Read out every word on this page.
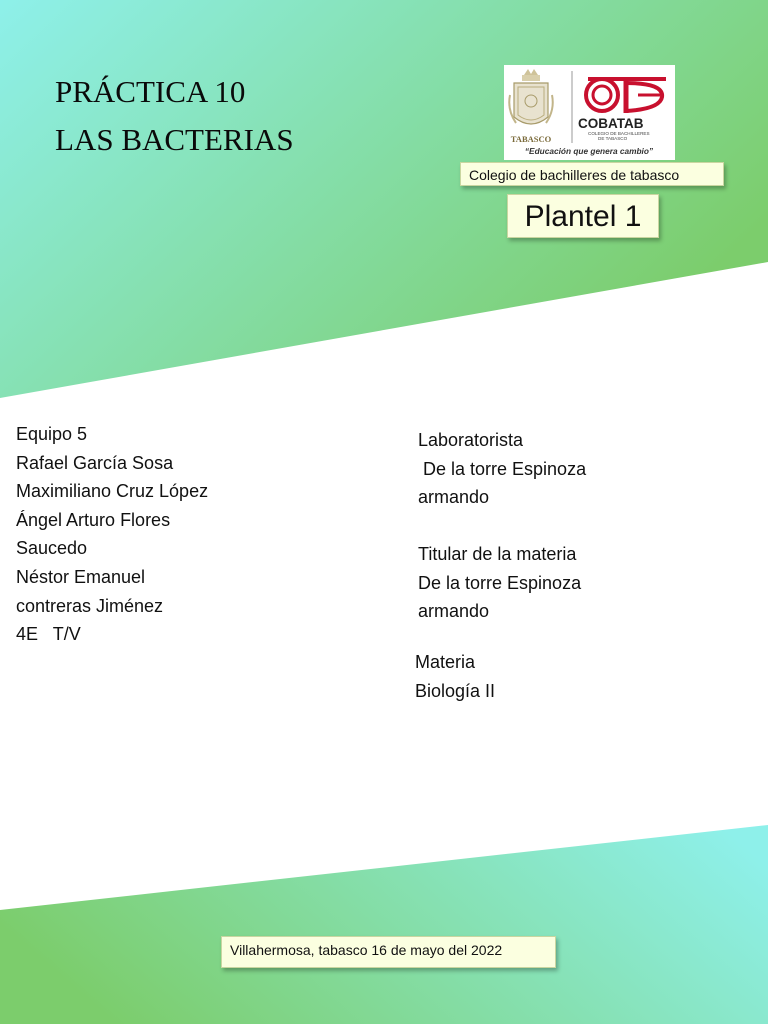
PRÁCTICA 10
LAS BACTERIAS	TABASCO
COBATAB
COLEGIO DE BACHILLERES
DE TABASCO
“Educación que genera cambio”
Colegio de bachilleres de tabasco
Plantel 1
Equipo 5
Rafael García Sosa
Maximiliano Cruz López
Ángel Arturo Flores
Saucedo
Néstor Emanuel
contreras Jiménez
4E   T/V
Laboratorista
De la torre Espinoza
armando
Titular de la materia
De la torre Espinoza
armando
Materia
Biología II
Villahermosa, tabasco 16 de mayo del 2022
